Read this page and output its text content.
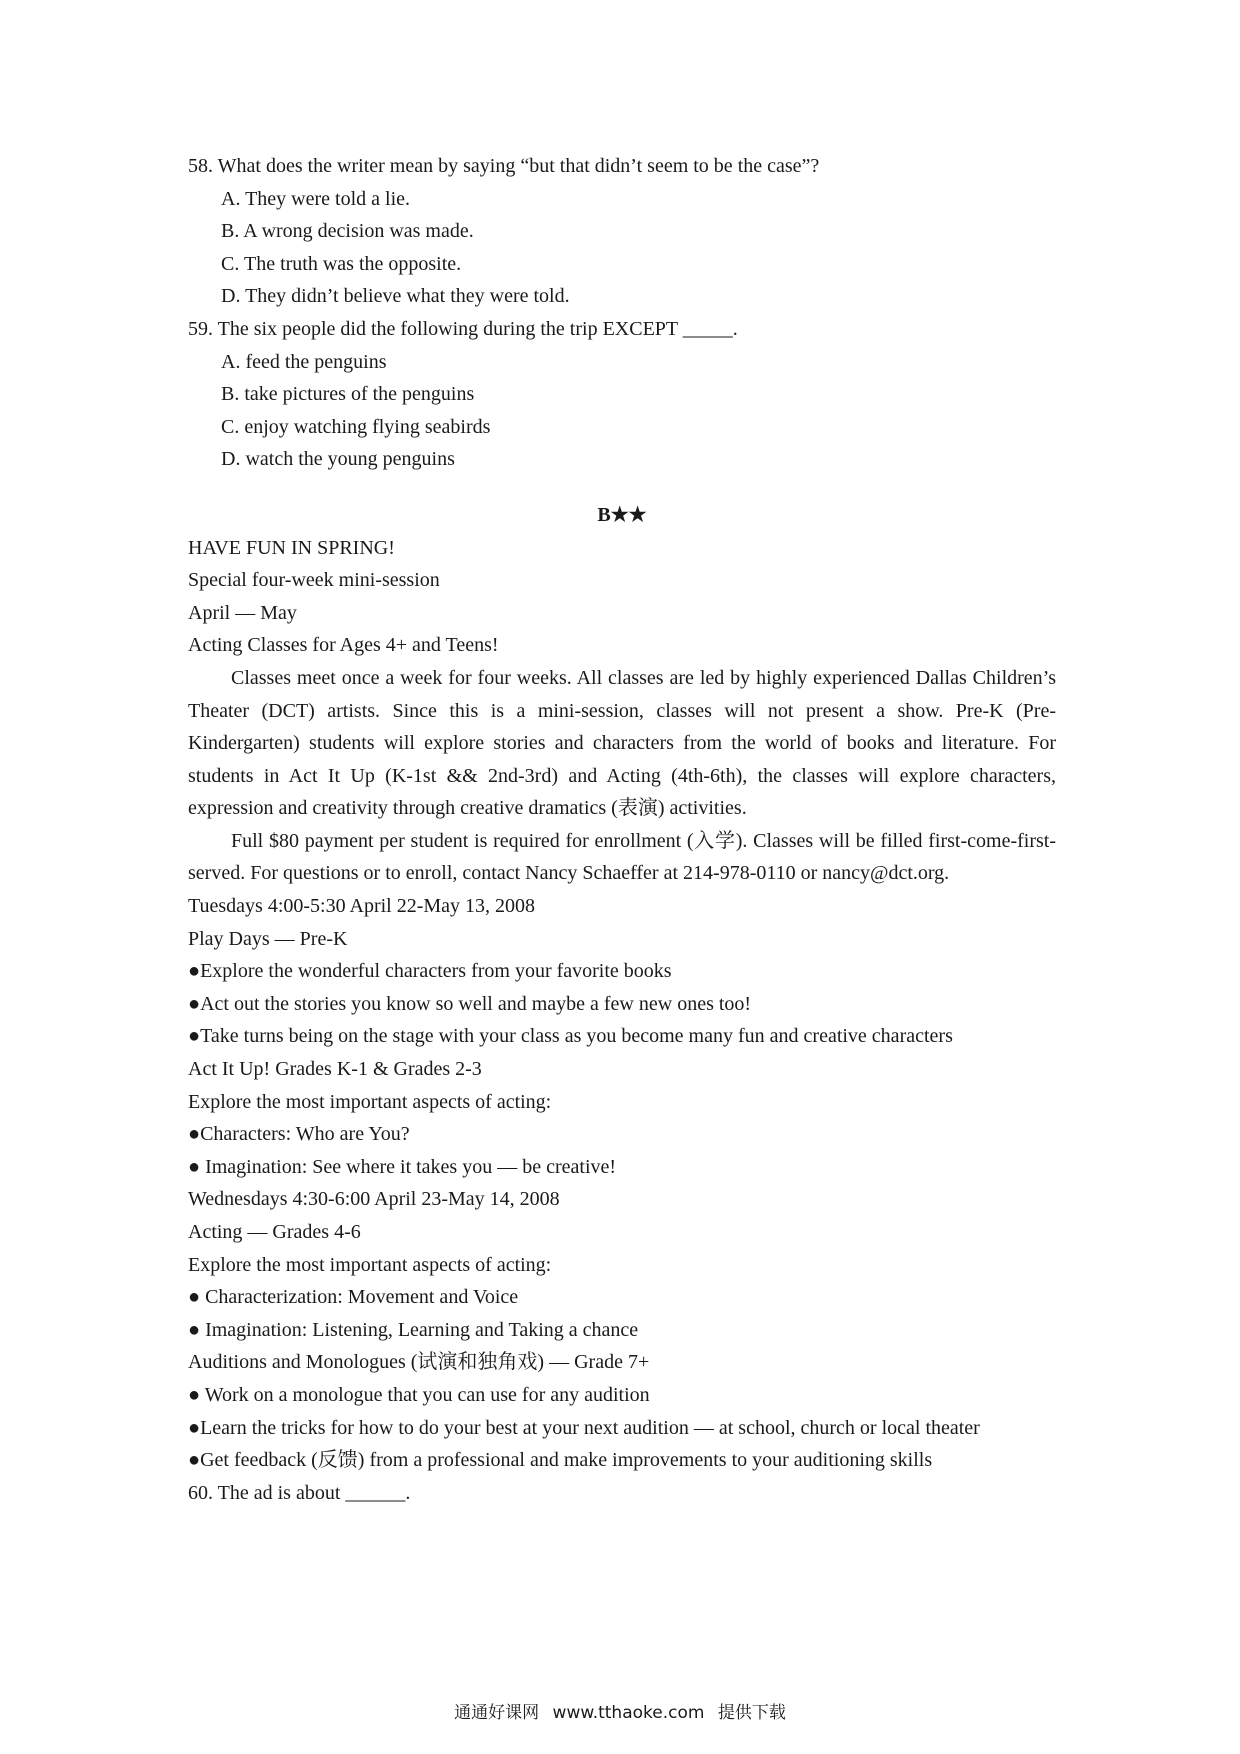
58. What does the writer mean by saying “but that didn’t seem to be the case”?

A. They were told a lie.

B. A wrong decision was made.

C. The truth was the opposite.

D. They didn’t believe what they were told.

59. The six people did the following during the trip EXCEPT _____.

A. feed the penguins

B. take pictures of the penguins

C. enjoy watching flying seabirds

D. watch the young penguins

B★★

HAVE FUN IN SPRING!

Special four-week mini-session

April — May

Acting Classes for Ages 4+ and Teens!

Classes meet once a week for four weeks. All classes are led by highly experienced Dallas Children’s Theater (DCT) artists. Since this is a mini-session, classes will not present a show. Pre-K (Pre-Kindergarten) students will explore stories and characters from the world of books and literature. For students in Act It Up (K-1st && 2nd-3rd) and Acting (4th-6th), the classes will explore characters, expression and creativity through creative dramatics (表演) activities.

Full $80 payment per student is required for enrollment (入学). Classes will be filled first-come-first-served. For questions or to enroll, contact Nancy Schaeffer at 214-978-0110 or nancy@dct.org.

Tuesdays 4:00-5:30 April 22-May 13, 2008

Play Days — Pre-K

●Explore the wonderful characters from your favorite books

●Act out the stories you know so well and maybe a few new ones too!

●Take turns being on the stage with your class as you become many fun and creative characters

Act It Up! Grades K-1 & Grades 2-3

Explore the most important aspects of acting:

●Characters: Who are You?

● Imagination: See where it takes you — be creative!

Wednesdays 4:30-6:00 April 23-May 14, 2008

Acting — Grades 4-6

Explore the most important aspects of acting:

● Characterization: Movement and Voice

● Imagination: Listening, Learning and Taking a chance

Auditions and Monologues (试演和独角戏) — Grade 7+

● Work on a monologue that you can use for any audition

●Learn the tricks for how to do your best at your next audition — at school, church or local theater

●Get feedback (反馈) from a professional and make improvements to your auditioning skills

60. The ad is about ______.

通通好课网 www.tthaoke.com 提供下载
